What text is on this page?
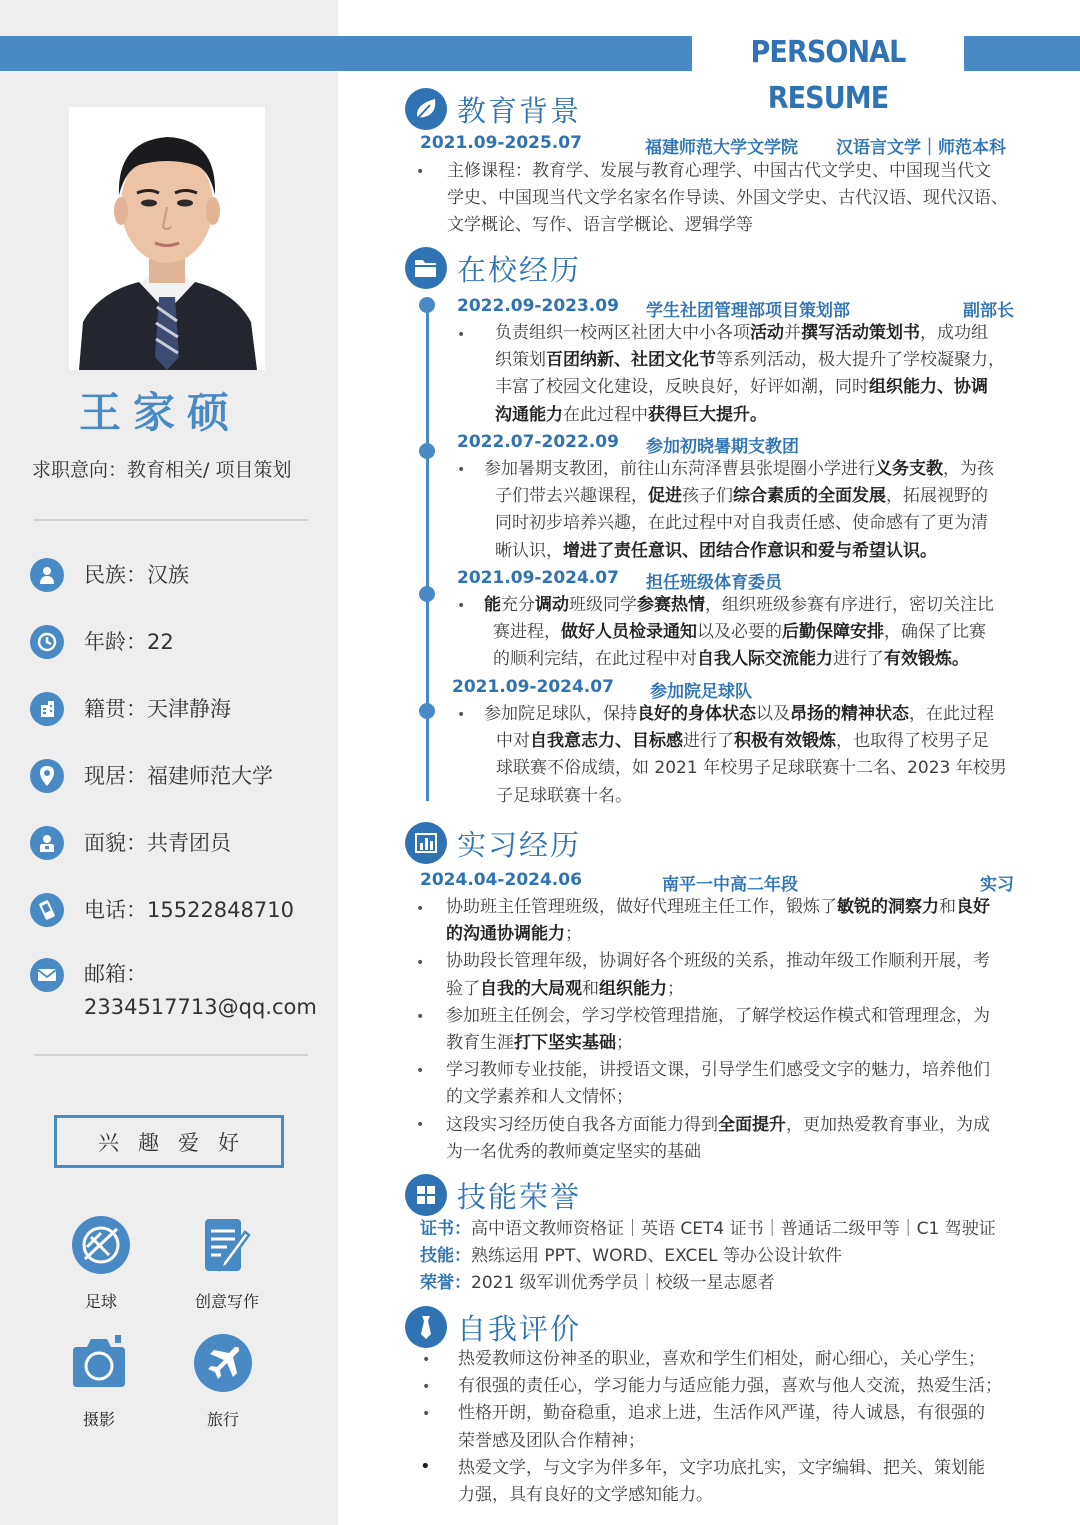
PERSONAL RESUME
王家硕
求职意向：教育相关/ 项目策划
民族：汉族
年龄：22
籍贯：天津静海
现居：福建师范大学
面貌：共青团员
电话：15522848710
邮箱：2334517713@qq.com
兴趣爱好
足球	创意写作
摄影	旅行
教育背景
2021.09-2025.07	福建师范大学文学院 汉语言文学｜师范本科
• 主修课程：教育学、发展与教育心理学、中国古代文学史、中国现当代文
学史、中国现当代文学名家名作导读、外国文学史、古代汉语、现代汉语、
文学概论、写作、语言学概论、逻辑学等
在校经历
2022.09-2023.09 学生社团管理部项目策划部	副部长
• 负责组织一校两区社团大中小各项活动并撰写活动策划书，成功组
织策划百团纳新、社团文化节等系列活动，极大提升了学校凝聚力，
丰富了校园文化建设，反映良好，好评如潮，同时组织能力、协调
沟通能力在此过程中获得巨大提升。
2022.07-2022.09 参加初晓暑期支教团
• 参加暑期支教团，前往山东菏泽曹县张堤圈小学进行义务支教，为孩
子们带去兴趣课程，促进孩子们综合素质的全面发展，拓展视野的
同时初步培养兴趣，在此过程中对自我责任感、使命感有了更为清
晰认识，增进了责任意识、团结合作意识和爱与希望认识。
2021.09-2024.07 担任班级体育委员
• 能充分调动班级同学参赛热情，组织班级参赛有序进行，密切关注比
赛进程，做好人员检录通知以及必要的后勤保障安排，确保了比赛
的顺利完结，在此过程中对自我人际交流能力进行了有效锻炼。
2021.09-2024.07 参加院足球队
• 参加院足球队，保持良好的身体状态以及昂扬的精神状态，在此过程
中对自我意志力、目标感进行了积极有效锻炼，也取得了校男子足
球联赛不俗成绩，如 2021 年校男子足球联赛十二名、2023 年校男
子足球联赛十名。
实习经历
2024.04-2024.06	南平一中高二年段	实习
•
•
•
•
•
协助班主任管理班级，做好代理班主任工作，锻炼了敏锐的洞察力和良好
的沟通协调能力；
协助段长管理年级，协调好各个班级的关系，推动年级工作顺利开展，考
验了自我的大局观和组织能力；
参加班主任例会，学习学校管理措施，了解学校运作模式和管理理念，为
教育生涯打下坚实基础；
学习教师专业技能，讲授语文课，引导学生们感受文字的魅力，培养他们
的文学素养和人文情怀；
这段实习经历使自我各方面能力得到全面提升，更加热爱教育事业，为成
为一名优秀的教师奠定坚实的基础
技能荣誉
证书：高中语文教师资格证｜英语 CET4 证书｜普通话二级甲等｜C1 驾驶证
技能：熟练运用 PPT、WORD、EXCEL 等办公设计软件
荣誉：2021 级军训优秀学员｜校级一星志愿者
自我评价
•
•
•
•
热爱教师这份神圣的职业，喜欢和学生们相处，耐心细心，关心学生；
有很强的责任心，学习能力与适应能力强，喜欢与他人交流，热爱生活；
性格开朗，勤奋稳重，追求上进，生活作风严谨，待人诚恳，有很强的
荣誉感及团队合作精神；
热爱文学，与文字为伴多年，文字功底扎实，文字编辑、把关、策划能
力强，具有良好的文学感知能力。
